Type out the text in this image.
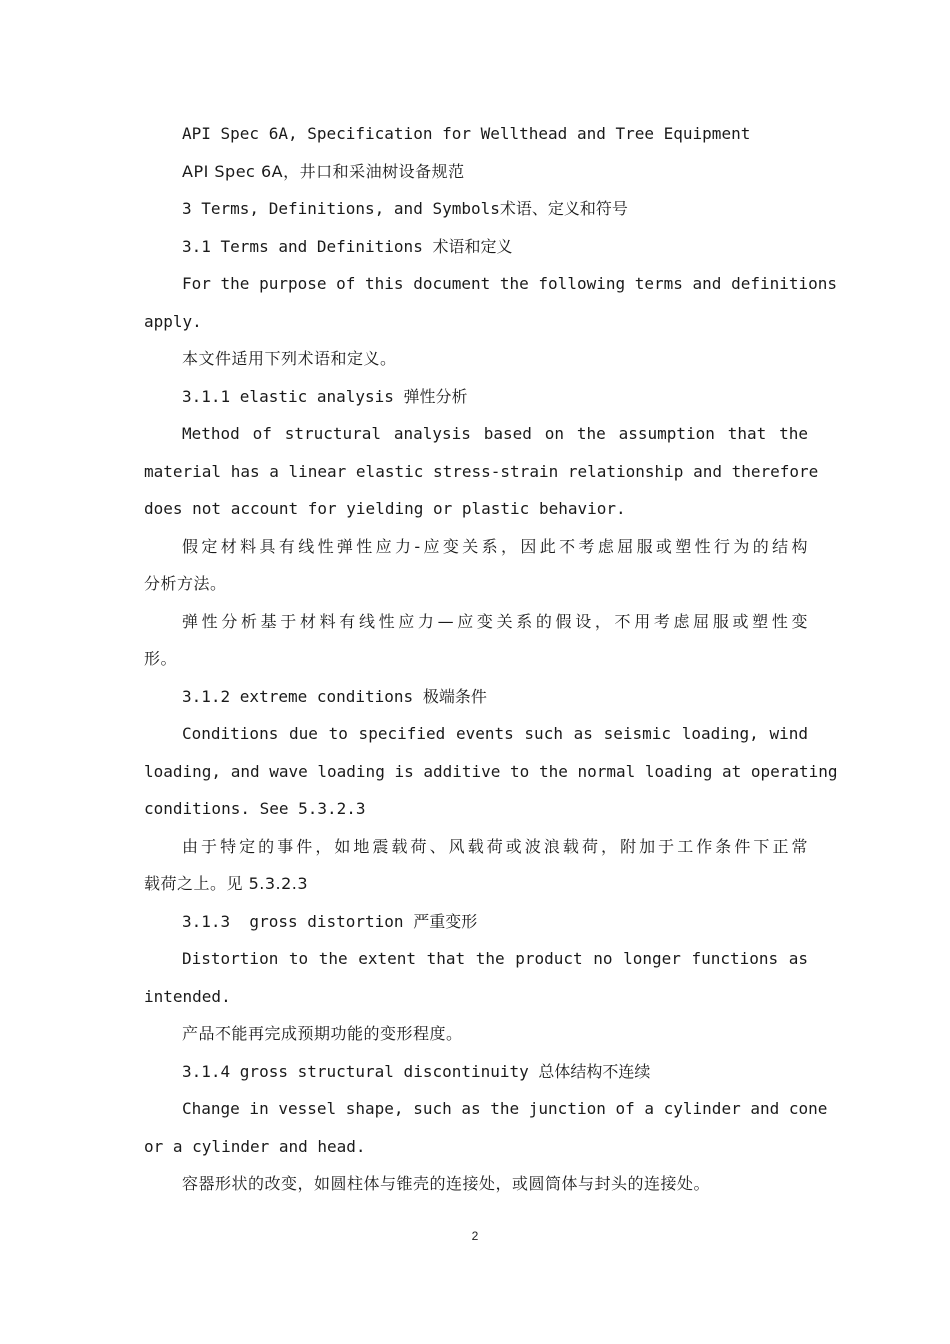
API Spec 6A, Specification for Wellthead and Tree Equipment
API Spec 6A，井口和采油树设备规范
3 Terms, Definitions, and Symbols术语、定义和符号
3.1 Terms and Definitions 术语和定义
For the purpose of this document the following terms and definitions
apply.
本文件适用下列术语和定义。
3.1.1 elastic analysis 弹性分析
Method of structural analysis based on the assumption that the
material has a linear elastic stress-strain relationship and therefore
does not account for yielding or plastic behavior.
假定材料具有线性弹性应力-应变关系，因此不考虑屈服或塑性行为的结构
分析方法。
弹性分析基于材料有线性应力—应变关系的假设，不用考虑屈服或塑性变
形。
3.1.2 extreme conditions 极端条件
Conditions due to specified events such as seismic loading, wind
loading, and wave loading is additive to the normal loading at operating
conditions. See 5.3.2.3
由于特定的事件，如地震载荷、风载荷或波浪载荷，附加于工作条件下正常
载荷之上。见 5.3.2.3
3.1.3  gross distortion 严重变形
Distortion to the extent that the product no longer functions as
intended.
产品不能再完成预期功能的变形程度。
3.1.4 gross structural discontinuity 总体结构不连续
Change in vessel shape, such as the junction of a cylinder and cone
or a cylinder and head.
容器形状的改变，如圆柱体与锥壳的连接处，或圆筒体与封头的连接处。
2
